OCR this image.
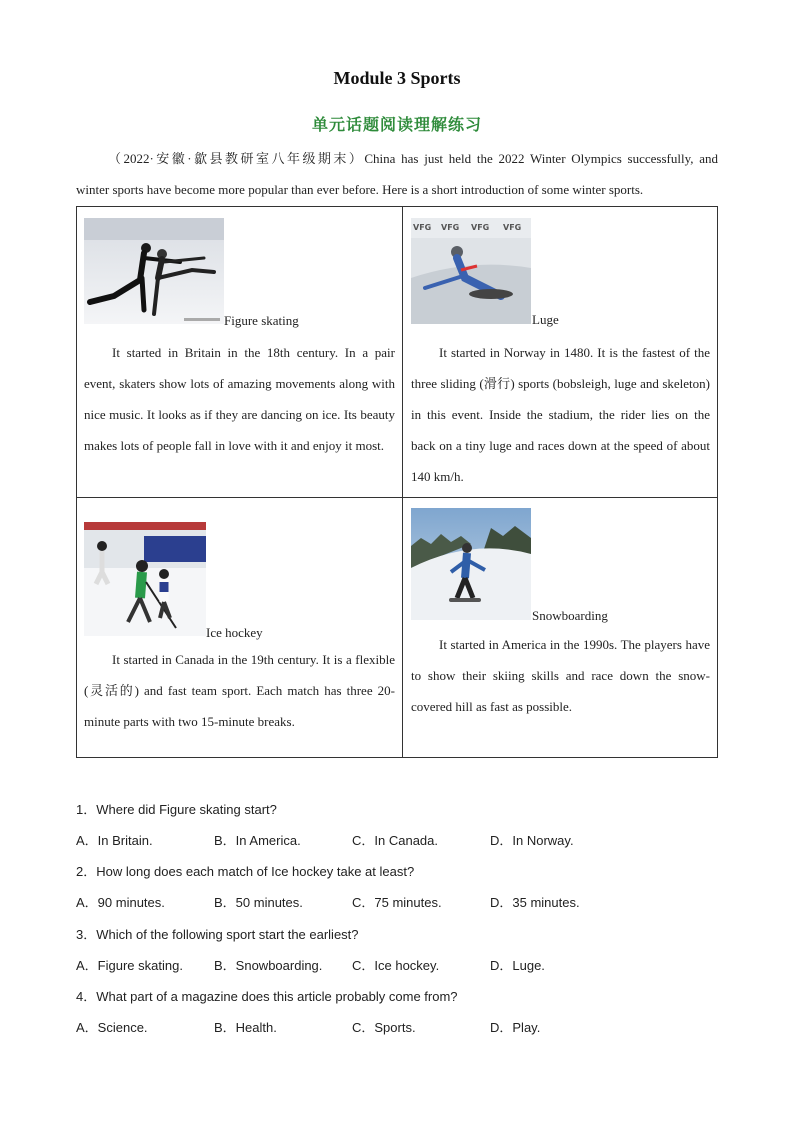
Module 3 Sports
单元话题阅读理解练习
（2022·安徽·歙县教研室八年级期末）China has just held the 2022 Winter Olympics successfully, and
winter sports have become more popular than ever before. Here is a short introduction of some winter sports.
Figure skating
It started in Britain in the 18th century. In a pair event, skaters show lots of amazing movements along with nice music. It looks as if they are dancing on ice. Its beauty makes lots of people fall in love with it and enjoy it most.
VFG VFG VFG VFG
Luge
It started in Norway in 1480. It is the fastest of the three sliding (滑行) sports (bobsleigh, luge and skeleton) in this event. Inside the stadium, the rider lies on the back on a tiny luge and races down at the speed of about 140 km/h.
Ice hockey
It started in Canada in the 19th century. It is a flexible (灵活的) and fast team sport. Each match has three 20-minute parts with two 15-minute breaks.
Snowboarding
It started in America in the 1990s. The players have to show their skiing skills and race down the snow-covered hill as fast as possible.
1．Where did Figure skating start?
A．In Britain.	B．In America.	C．In Canada.	D．In Norway.
2．How long does each match of Ice hockey take at least?
A．90 minutes.	B．50 minutes.	C．75 minutes.	D．35 minutes.
3．Which of the following sport start the earliest?
A．Figure skating. B．Snowboarding. C．Ice hockey.	D．Luge.
4．What part of a magazine does this article probably come from?
A．Science.	B．Health.	C．Sports.	D．Play.
